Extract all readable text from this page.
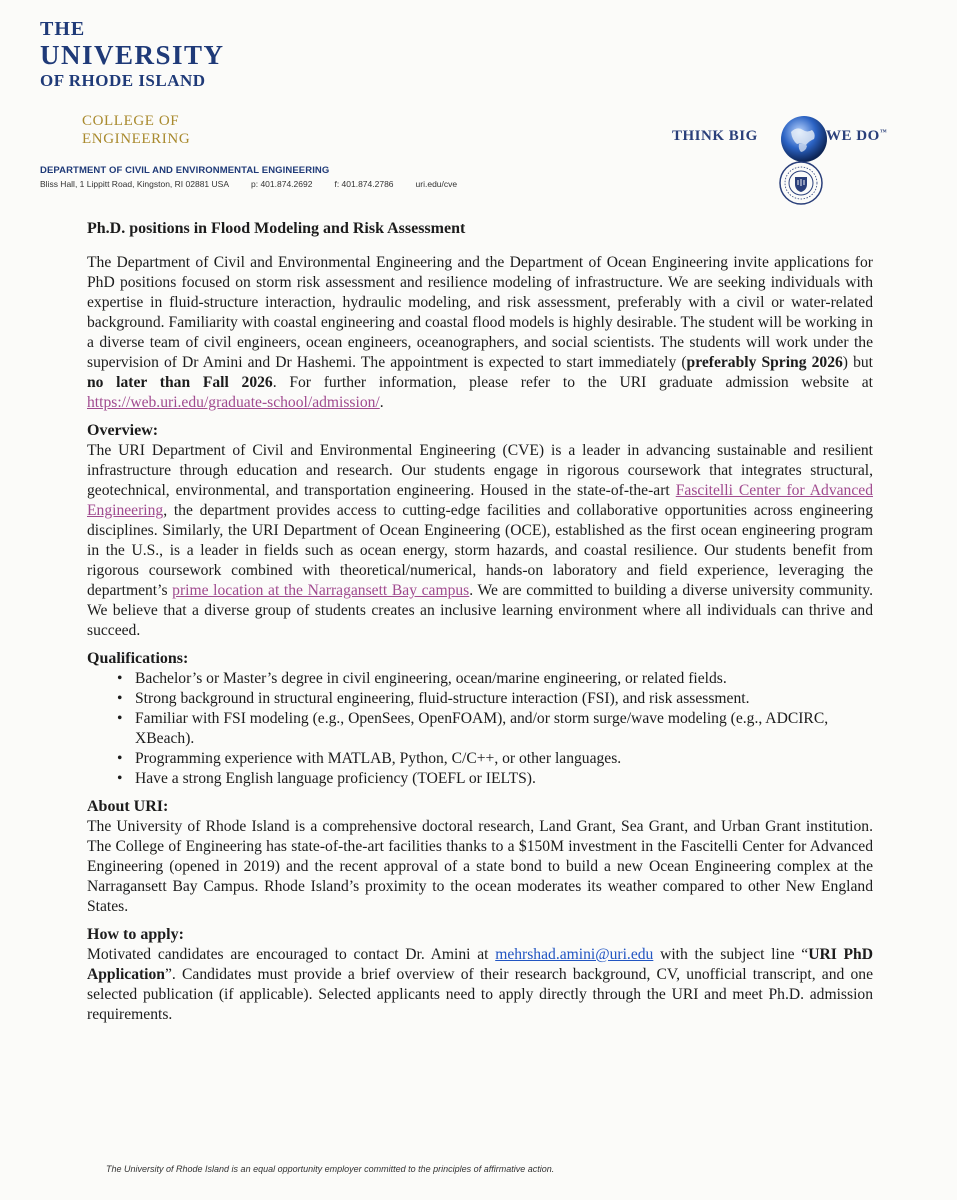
THE
UNIVERSITY
OF RHODE ISLAND
COLLEGE OF
ENGINEERING
DEPARTMENT OF CIVIL AND ENVIRONMENTAL ENGINEERING
Bliss Hall, 1 Lippitt Road, Kingston, RI 02881 USA	p: 401.874.2692	f: 401.874.2786	uri.edu/cve
THINK BIG	WE DO™
Ph.D. positions in Flood Modeling and Risk Assessment

The Department of Civil and Environmental Engineering and the Department of Ocean Engineering invite applications for PhD positions focused on storm risk assessment and resilience modeling of infrastructure. We are seeking individuals with expertise in fluid-structure interaction, hydraulic modeling, and risk assessment, preferably with a civil or water-related background. Familiarity with coastal engineering and coastal flood models is highly desirable. The student will be working in a diverse team of civil engineers, ocean engineers, oceanographers, and social scientists. The students will work under the supervision of Dr Amini and Dr Hashemi. The appointment is expected to start immediately (preferably Spring 2026) but no later than Fall 2026. For further information, please refer to the URI graduate admission website at https://web.uri.edu/graduate-school/admission/.

Overview:

The URI Department of Civil and Environmental Engineering (CVE) is a leader in advancing sustainable and resilient infrastructure through education and research. Our students engage in rigorous coursework that integrates structural, geotechnical, environmental, and transportation engineering. Housed in the state-of-the-art Fascitelli Center for Advanced Engineering, the department provides access to cutting-edge facilities and collaborative opportunities across engineering disciplines. Similarly, the URI Department of Ocean Engineering (OCE), established as the first ocean engineering program in the U.S., is a leader in fields such as ocean energy, storm hazards, and coastal resilience. Our students benefit from rigorous coursework combined with theoretical/numerical, hands-on laboratory and field experience, leveraging the department’s prime location at the Narragansett Bay campus. We are committed to building a diverse university community. We believe that a diverse group of students creates an inclusive learning environment where all individuals can thrive and succeed.

Qualifications:
• Bachelor’s or Master’s degree in civil engineering, ocean/marine engineering, or related fields.
• Strong background in structural engineering, fluid-structure interaction (FSI), and risk assessment.
• Familiar with FSI modeling (e.g., OpenSees, OpenFOAM), and/or storm surge/wave modeling (e.g., ADCIRC, XBeach).
• Programming experience with MATLAB, Python, C/C++, or other languages.
• Have a strong English language proficiency (TOEFL or IELTS).
About URI:

The University of Rhode Island is a comprehensive doctoral research, Land Grant, Sea Grant, and Urban Grant institution. The College of Engineering has state-of-the-art facilities thanks to a $150M investment in the Fascitelli Center for Advanced Engineering (opened in 2019) and the recent approval of a state bond to build a new Ocean Engineering complex at the Narragansett Bay Campus. Rhode Island’s proximity to the ocean moderates its weather compared to other New England States.

How to apply:

Motivated candidates are encouraged to contact Dr. Amini at mehrshad.amini@uri.edu with the subject line “URI PhD Application”. Candidates must provide a brief overview of their research background, CV, unofficial transcript, and one selected publication (if applicable). Selected applicants need to apply directly through the URI and meet Ph.D. admission requirements.

The University of Rhode Island is an equal opportunity employer committed to the principles of affirmative action.
